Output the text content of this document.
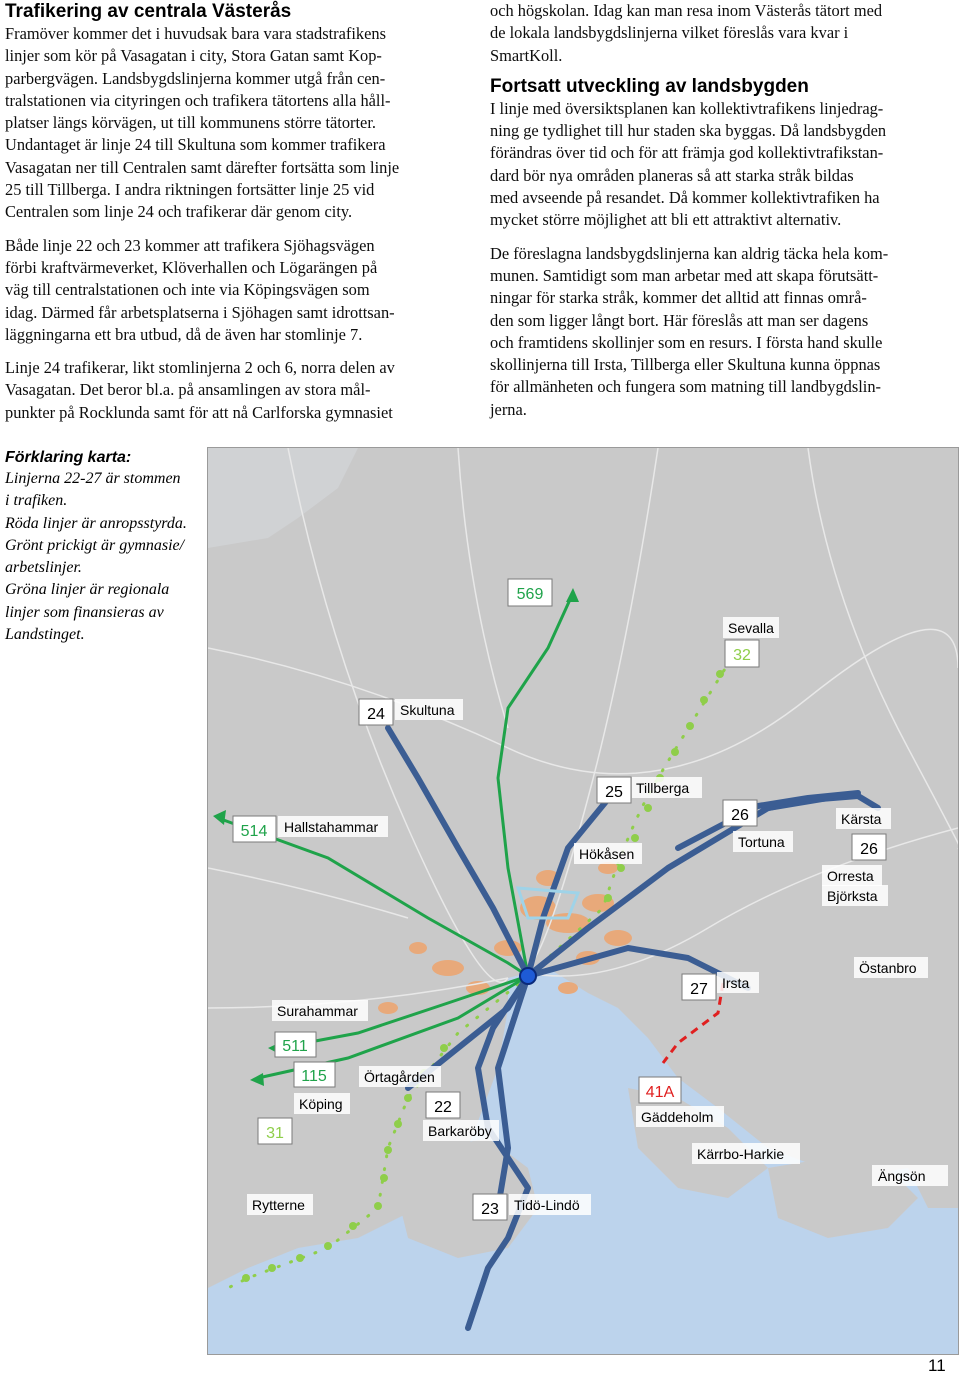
Trafikering av centrala Västerås
Framöver kommer det i huvudsak bara vara stadstrafikens
linjer som kör på Vasagatan i city, Stora Gatan samt Kop-
parbergvägen. Landsbygdslinjerna kommer utgå från cen-
tralstationen via cityringen och trafikera tätortens alla håll-
platser längs körvägen, ut till kommunens större tätorter.
Undantaget är linje 24 till Skultuna som kommer trafikera
Vasagatan ner till Centralen samt därefter fortsätta som linje
25 till Tillberga. I andra riktningen fortsätter linje 25 vid
Centralen som linje 24 och trafikerar där genom city.
Både linje 22 och 23 kommer att trafikera Sjöhagsvägen
förbi kraftvärmeverket, Klöverhallen och Lögarängen på
väg till centralstationen och inte via Köpingsvägen som
idag. Därmed får arbetsplatserna i Sjöhagen samt idrottsan-
läggningarna ett bra utbud, då de även har stomlinje 7.
Linje 24 trafikerar, likt stomlinjerna 2 och 6, norra delen av
Vasagatan. Det beror bl.a. på ansamlingen av stora mål-
punkter på Rocklunda samt för att nå Carlforska gymnasiet
och högskolan. Idag kan man resa inom Västerås tätort med
de lokala landsbygdslinjerna vilket föreslås vara kvar i
SmartKoll.
Fortsatt utveckling av landsbygden
I linje med översiktsplanen kan kollektivtrafikens linjedrag-
ning ge tydlighet till hur staden ska byggas. Då landsbygden
förändras över tid och för att främja god kollektivtrafikstan-
dard bör nya områden planeras så att starka stråk bildas
med avseende på resandet. Då kommer kollektivtrafiken ha
mycket större möjlighet att bli ett attraktivt alternativ.
De föreslagna landsbygdslinjerna kan aldrig täcka hela kom-
munen. Samtidigt som man arbetar med att skapa förutsätt-
ningar för starka stråk, kommer det alltid att finnas områ-
den som ligger långt bort. Här föreslås att man ser dagens
och framtidens skollinjer som en resurs. I första hand skulle
skollinjerna till Irsta, Tillberga eller Skultuna kunna öppnas
för allmänheten och fungera som matning till landbygdslin-
jerna.
Förklaring karta:
Linjerna 22-27 är stommen
i trafiken.
Röda linjer är anropsstyrda.
Grönt prickigt är gymnasie/
arbetslinjer.
Gröna linjer är regionala
linjer som finansieras av
Landstinget.
569
32
24
514
25
26
26
27
511
115
22
31
41A
23
Sevalla
Skultuna
Tillberga
Hallstahammar
Hökåsen
Tortuna
Kärsta
Orresta
Björksta
Irsta
Östanbro
Surahammar
Örtagården
Köping
Barkaröby
Gäddeholm
Kärrbo-Harkie
Ängsön
Rytterne	Tidö-Lindö
11
